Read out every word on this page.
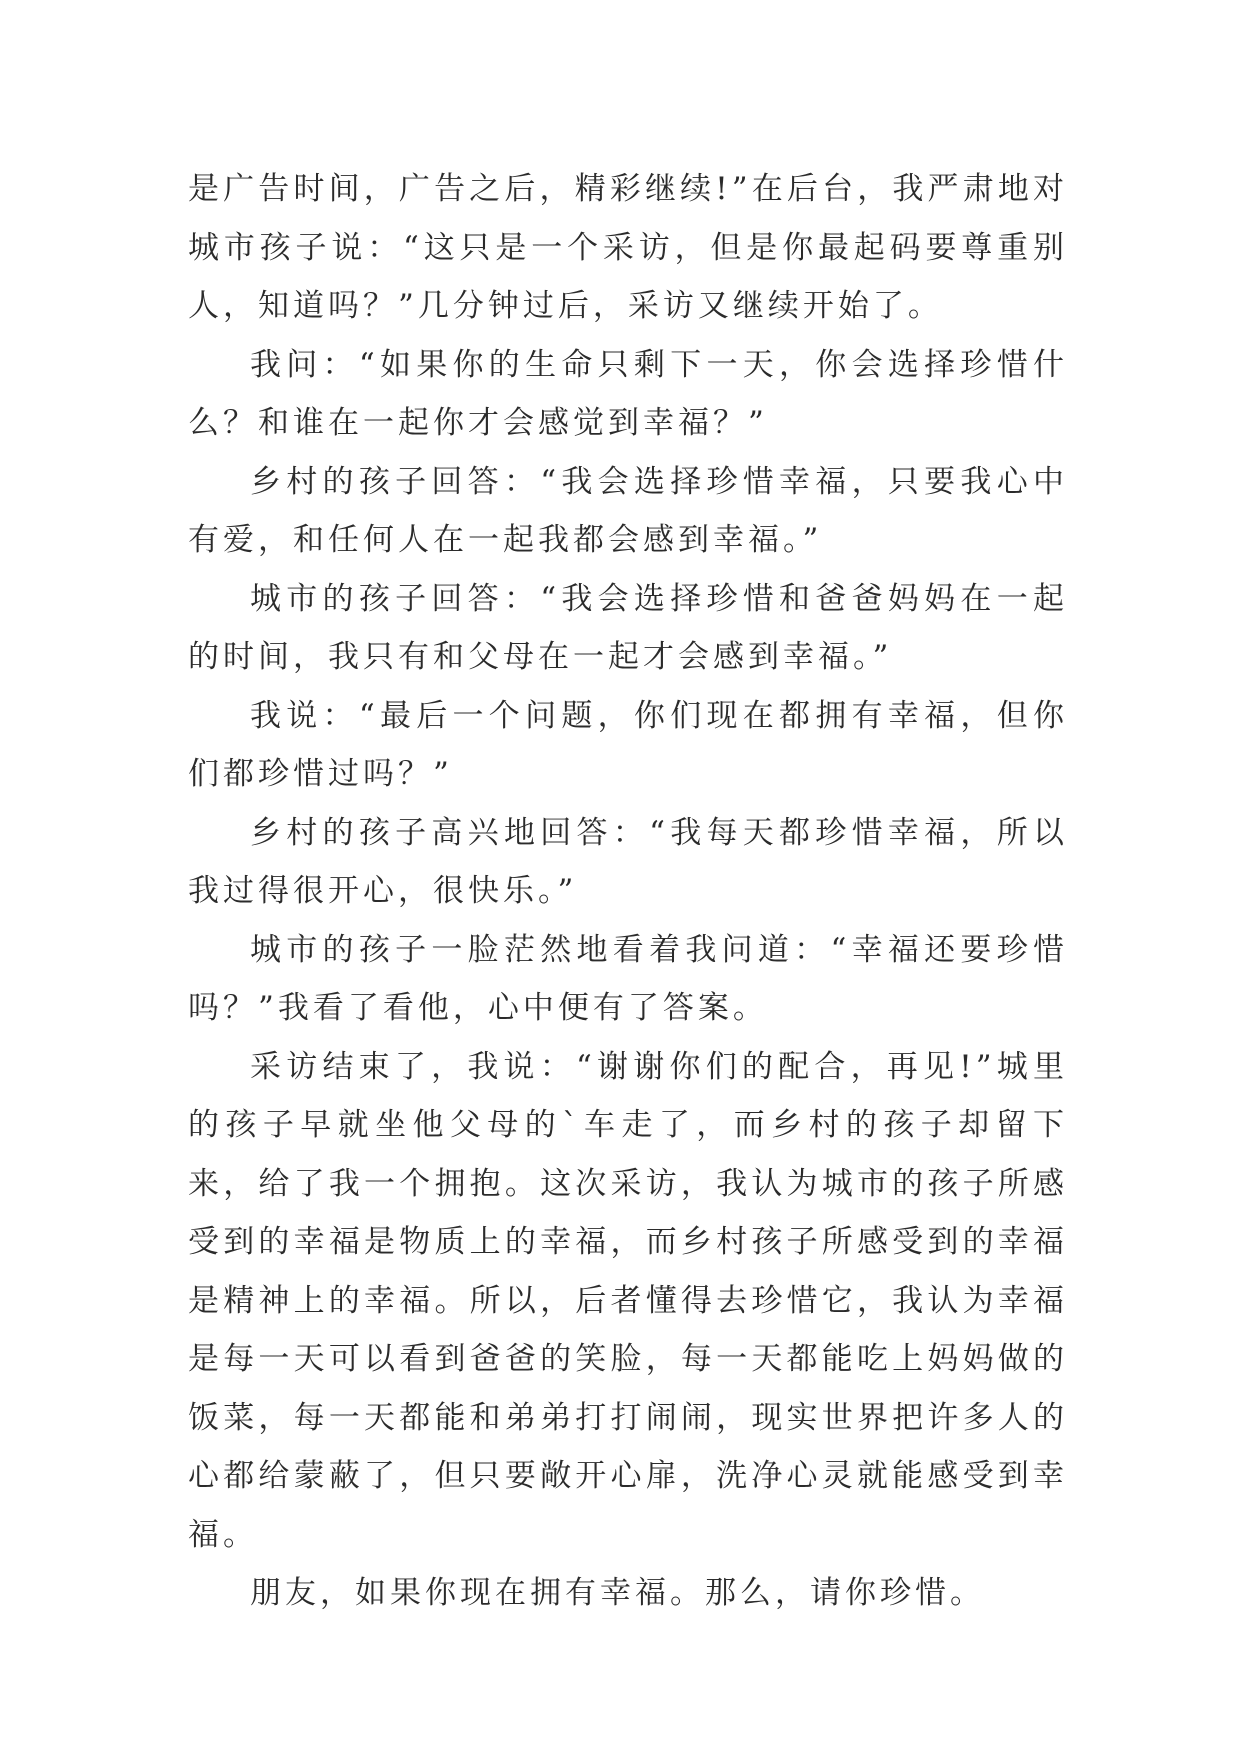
是广告时间，广告之后，精彩继续!”在后台，我严肃地对城市孩子说：“这只是一个采访，但是你最起码要尊重别人，知道吗？”几分钟过后，采访又继续开始了。

我问：“如果你的生命只剩下一天，你会选择珍惜什么？和谁在一起你才会感觉到幸福？”

乡村的孩子回答：“我会选择珍惜幸福，只要我心中有爱，和任何人在一起我都会感到幸福。”

城市的孩子回答：“我会选择珍惜和爸爸妈妈在一起的时间，我只有和父母在一起才会感到幸福。”

我说：“最后一个问题，你们现在都拥有幸福，但你们都珍惜过吗？”

乡村的孩子高兴地回答：“我每天都珍惜幸福，所以我过得很开心，很快乐。”

城市的孩子一脸茫然地看着我问道：“幸福还要珍惜吗？”我看了看他，心中便有了答案。

采访结束了，我说：“谢谢你们的配合，再见!”城里的孩子早就坐他父母的`车走了，而乡村的孩子却留下来，给了我一个拥抱。这次采访，我认为城市的孩子所感受到的幸福是物质上的幸福，而乡村孩子所感受到的幸福是精神上的幸福。所以，后者懂得去珍惜它，我认为幸福是每一天可以看到爸爸的笑脸，每一天都能吃上妈妈做的饭菜，每一天都能和弟弟打打闹闹，现实世界把许多人的心都给蒙蔽了，但只要敞开心扉，洗净心灵就能感受到幸福。

朋友，如果你现在拥有幸福。那么，请你珍惜。
